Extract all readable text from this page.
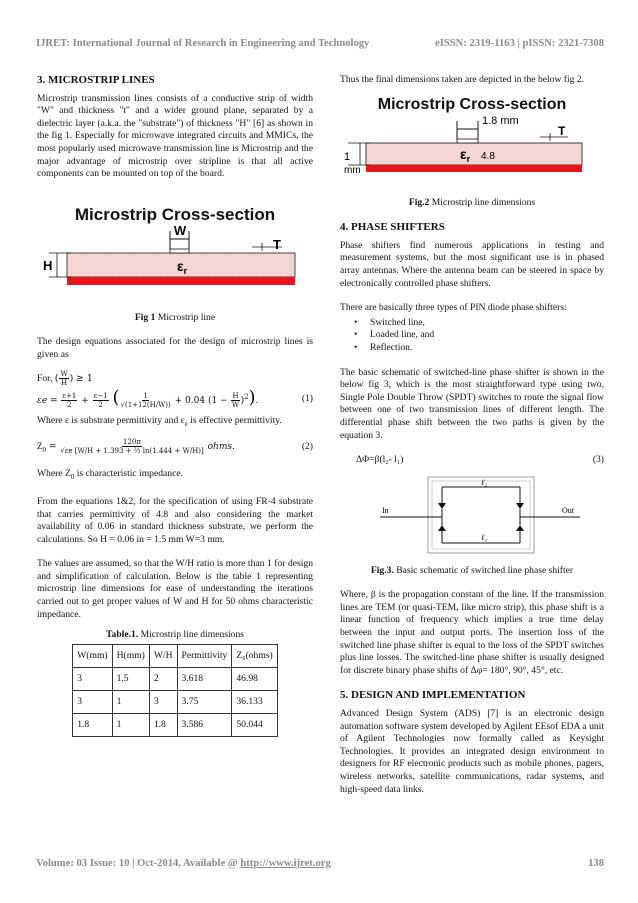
IJRET: International Journal of Research in Engineering and Technology	eISSN: 2319-1163 | pISSN: 2321-7308
3. MICROSTRIP LINES

Microstrip transmission lines consists of a conductive strip of width "W" and thickness "t" and a wider ground plane, separated by a dielectric layer (a.k.a. the "substrate") of thickness "H" [6] as shown in the fig 1. Especially for microwave integrated circuits and MMICs, the most popularly used microwave transmission line is Microstrip and the major advantage of microstrip over stripline is that all active components can be mounted on top of the board.

Microstrip Cross-section
W
T
H	$\varepsilon_r$
Fig 1 Microstrip line

The design equations associated for the design of microstrip lines is given as

For, ( $\frac{W}{H}$ ) ≥ 1
$\varepsilon e = \frac{\varepsilon+1}{2} + \frac{\varepsilon-1}{2}$ ( $\frac{1}{√(1+12(H/W))} + 0.04$ $(1 - \frac{H}{W} )^2$).	(1)

Where ε is substrate permittivity and $\varepsilon_e$ is effective permittivity.

$Z_0 = \frac{120\pi}{\text{√εe [W/H + 1.393 + ⅔ ln(1.444 + W/H)]}}$ ohms.	(2)

Where $Z_0$ is characteristic impedance.

From the equations 1&2, for the specification of using FR-4 substrate that carries permittivity of 4.8 and also considering the market availability of 0.06 in standard thickness substrate, we perform the calculations. So H = 0.06 in = 1.5 mm W=3 mm.

The values are assumed, so that the W/H ratio is more than 1 for design and simplification of calculation. Below is the table 1 representing microstrip line dimensions for ease of understanding the iterations carried out to get proper values of W and H for 50 ohms characteristic impedance.

Table.1. Microstrip line dimensions
W(mm)	H(mm)	W/H	Permittivity	Z₀(ohms)
3	1.5	2	3.618	46.98
3	1	3	3.75	36.133
1.8	1	1.8	3.586	50.044

Thus the final dimensions taken are depicted in the below fig 2.

Microstrip Cross-section
1.8 mm
T
1
mm
$\varepsilon_r$ 4.8
Fig.2 Microstrip line dimensions
4. PHASE SHIFTERS

Phase shifters find numerous applications in testing and measurement systems, but the most significant use is in phased array antennas. Where the antenna beam can be steered in space by electronically controlled phase shifters.

There are basically three types of PIN diode phase shifters:

• Switched line,
• Loaded line, and
• Reflection.

The basic schematic of switched-line phase shifter is shown in the below fig 3, which is the most straightforward type using two, Single Pole Double Throw (SPDT) switches to route the signal flow between one of two transmission lines of different length. The differential phase shift between the two paths is given by the equation 3.

ΔΦ=β(l₂- l₁)	(3)
ℓ₂
ℓ₁
In	Out
Fig.3. Basic schematic of switched line phase shifter

Where, β is the propagation constant of the line. If the transmission lines are TEM (or quasi-TEM, like micro strip), this phase shift is a linear function of frequency which implies a true time delay between the input and output ports. The insertion loss of the switched line phase shifter is equal to the loss of the SPDT switches plus line losses. The switched-line phase shifter is usually designed for discrete binary phase shifts of Δφ= 180°, 90°, 45°, etc.

5. DESIGN AND IMPLEMENTATION

Advanced Design System (ADS) [7] is an electronic design automation software system developed by Agilent EEsof EDA a unit of Agilent Technologies now formally called as Keysight Technologies. It provides an integrated design environment to designers for RF electronic products such as mobile phones, pagers, wireless networks, satellite communications, radar systems, and high-speed data links.

Volume: 03 Issue: 10 | Oct-2014, Available @ http://www.ijret.org	138
